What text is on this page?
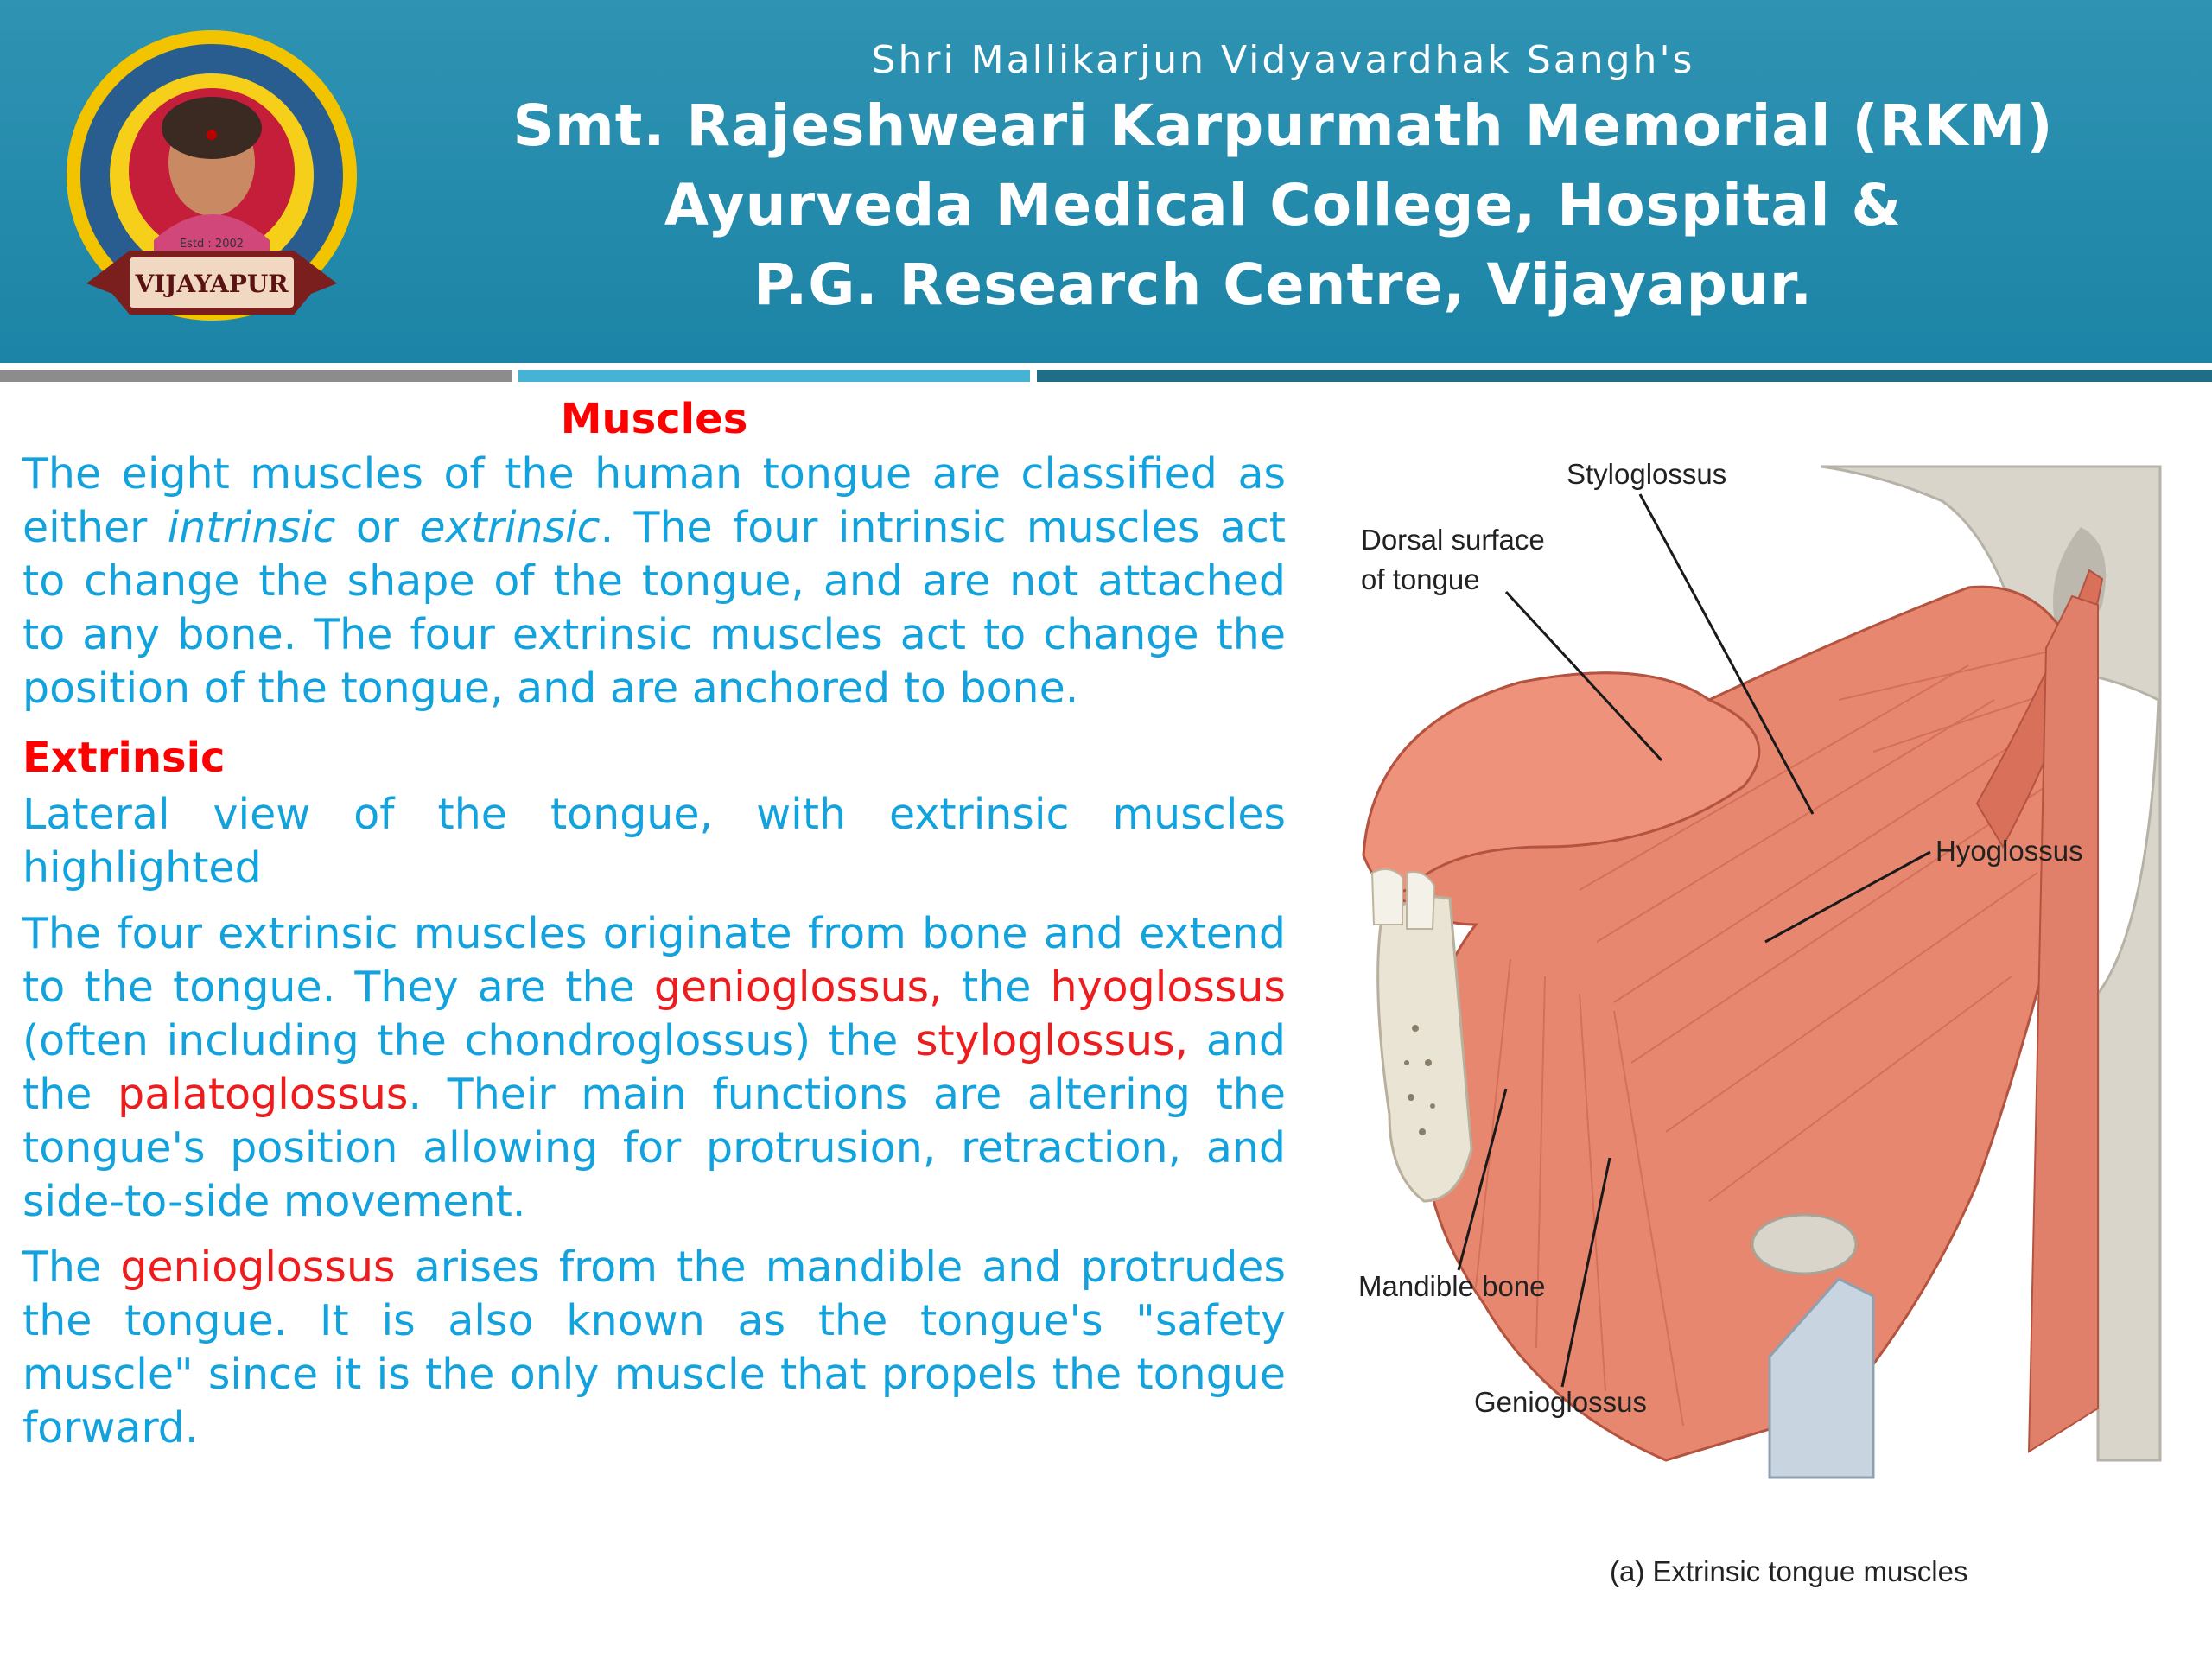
VIJAYAPUR
Estd : 2002
Shri Mallikarjun Vidyavardhak Sangh's
Smt. Rajeshweari Karpurmath Memorial (RKM)
Ayurveda Medical College, Hospital &
P.G. Research Centre, Vijayapur.
Muscles

The eight muscles of the human tongue are classified as either intrinsic or extrinsic. The four intrinsic muscles act to change the shape of the tongue, and are not attached to any bone. The four extrinsic muscles act to change the position of the tongue, and are anchored to bone.

Extrinsic

Lateral view of the tongue, with extrinsic muscles highlighted

The four extrinsic muscles originate from bone and extend to the tongue. They are the genioglossus, the hyoglossus (often including the chondroglossus) the styloglossus, and the palatoglossus. Their main functions are altering the tongue's position allowing for protrusion, retraction, and side-to-side movement.

The genioglossus arises from the mandible and protrudes the tongue. It is also known as the tongue's "safety muscle" since it is the only muscle that propels the tongue forward.

Styloglossus
Dorsal surface
of tongue
Hyoglossus
Mandible bone
Genioglossus
(a) Extrinsic tongue muscles
